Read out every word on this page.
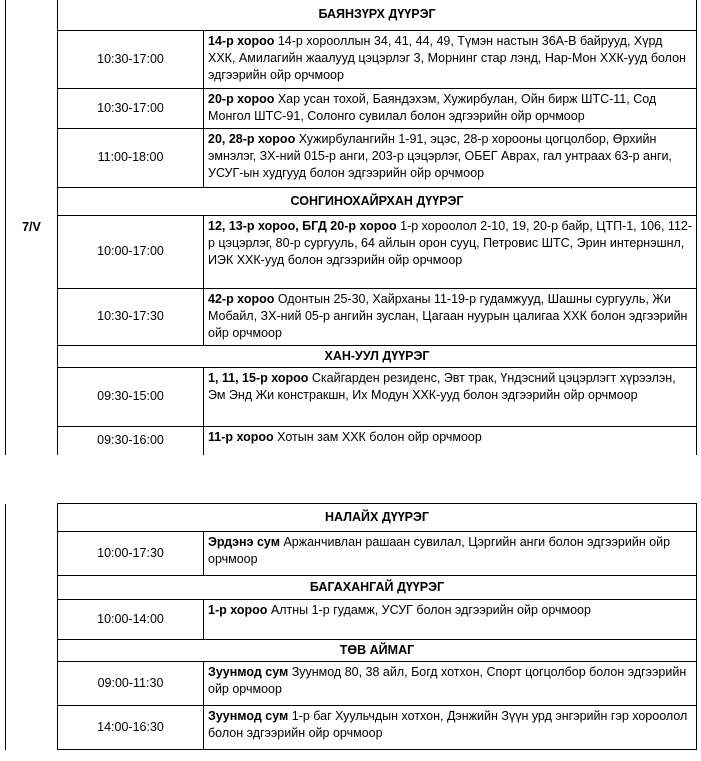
7/V	БАЯНЗҮРХ ДҮҮРЭГ	
	10:30-17:00	14-р хороо 14-р хорооллын 34, 41, 44, 49, Түмэн настын 36А-В байрууд, Хүрд ХХК, Амилагийн жаалууд цэцэрлэг 3, Морнинг стар лэнд, Нар-Мон ХХК-ууд болон эдгээрийн ойр орчмоор
	10:30-17:00	20-р хороо Хар усан тохой, Баяндэхэм, Хужирбулан, Ойн бирж ШТС-11, Сод Монгол ШТС-91, Солонго сувилал болон эдгээрийн ойр орчмоор
	11:00-18:00	20, 28-р хороо Хужирбулангийн 1-91, эцэс, 28-р хорооны цогцолбор, Өрхийн эмнэлэг, ЗХ-ний 015-р анги, 203-р цэцэрлэг, ОБЕГ Аврах, гал унтраах 63-р анги, УСУГ-ын худгууд болон эдгээрийн ойр орчмоор
	СОНГИНОХАЙРХАН ДҮҮРЭГ	
	10:00-17:00	12, 13-р хороо, БГД 20-р хороо 1-р хороолол 2-10, 19, 20-р байр, ЦТП-1, 106, 112-р цэцэрлэг, 80-р сургууль, 64 айлын орон сууц, Петровис ШТС, Эрин интернэшнл, ИЭК ХХК-ууд болон эдгээрийн ойр орчмоор
	10:30-17:30	42-р хороо Одонтын 25-30, Хайрханы 11-19-р гудамжууд, Шашны сургууль, Жи Мобайл, ЗХ-ний 05-р ангийн зуслан, Цагаан нуурын цалигаа ХХК болон эдгээрийн ойр орчмоор
	ХАН-УУЛ ДҮҮРЭГ	
	09:30-15:00	1, 11, 15-р хороо Скайгарден резиденс, Эвт трак, Үндэсний цэцэрлэгт хүрээлэн, Эм Энд Жи констракшн, Их Модун ХХК-ууд болон эдгээрийн ойр орчмоор
	09:30-16:00	11-р хороо Хотын зам ХХК болон ойр орчмоор
	НАЛАЙХ ДҮҮРЭГ	
	10:00-17:30	Эрдэнэ сум Аржанчивлан рашаан сувилал, Цэргийн анги болон эдгээрийн ойр орчмоор
	БАГАХАНГАЙ ДҮҮРЭГ	
	10:00-14:00	1-р хороо Алтны 1-р гудамж, УСУГ болон эдгээрийн ойр орчмоор
	ТӨВ АЙМАГ	
	09:00-11:30	Зуунмод сум Зуунмод 80, 38 айл, Богд хотхон, Спорт цогцолбор болон эдгээрийн ойр орчмоор
	14:00-16:30	Зуунмод сум 1-р баг Хуульчдын хотхон, Дэнжийн Зүүн урд энгэрийн гэр хороолол болон эдгээрийн ойр орчмоор
